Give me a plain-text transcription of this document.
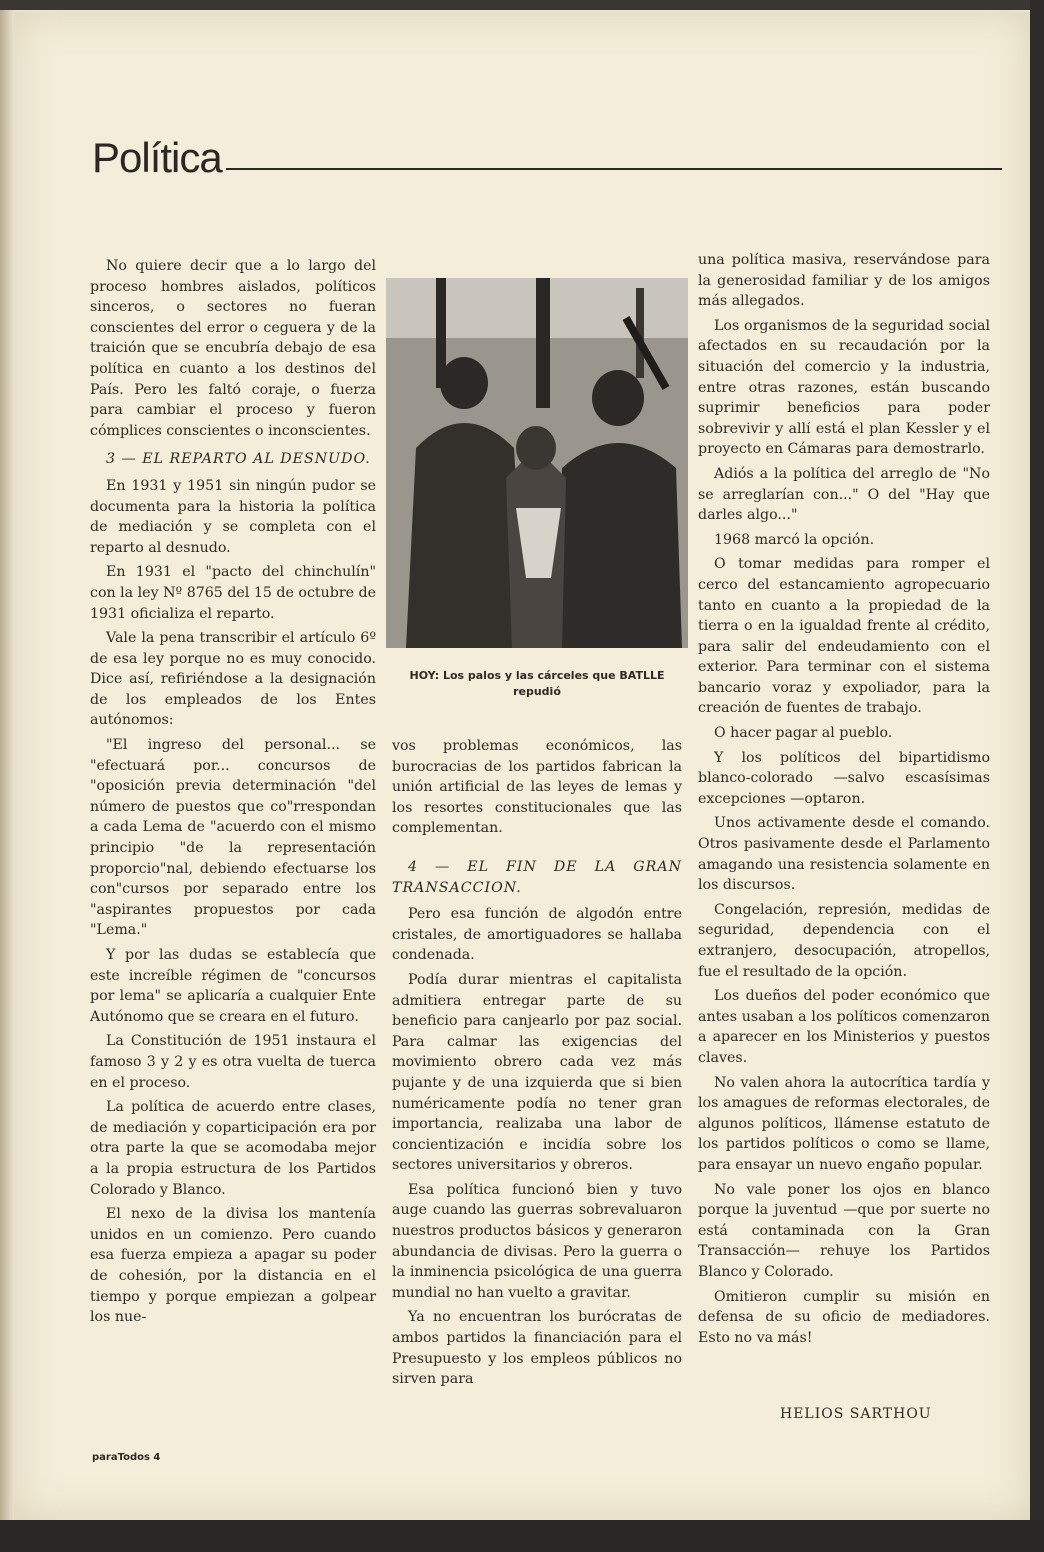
Política

No quiere decir que a lo largo del proceso hombres aislados, políticos sinceros, o sectores no fueran conscientes del error o ceguera y de la traición que se encubría debajo de esa política en cuanto a los destinos del País. Pero les faltó coraje, o fuerza para cambiar el proceso y fueron cómplices conscientes o inconscientes.

3 — EL REPARTO AL DESNUDO.

En 1931 y 1951 sin ningún pudor se documenta para la historia la política de mediación y se completa con el reparto al desnudo.

En 1931 el "pacto del chinchulín" con la ley Nº 8765 del 15 de octubre de 1931 oficializa el reparto.

Vale la pena transcribir el artículo 6º de esa ley porque no es muy conocido. Dice así, refiriéndose a la designación de los empleados de los Entes autónomos:

"El ingreso del personal... se "efectuará por... concursos de "oposición previa determinación "del número de puestos que co"rrespondan a cada Lema de "acuerdo con el mismo principio "de la representación proporcio"nal, debiendo efectuarse los con"cursos por separado entre los "aspirantes propuestos por cada "Lema."

Y por las dudas se establecía que este increíble régimen de "concursos por lema" se aplicaría a cualquier Ente Autónomo que se creara en el futuro.

La Constitución de 1951 instaura el famoso 3 y 2 y es otra vuelta de tuerca en el proceso.

La política de acuerdo entre clases, de mediación y coparticipación era por otra parte la que se acomodaba mejor a la propia estructura de los Partidos Colorado y Blanco.

El nexo de la divisa los mantenía unidos en un comienzo. Pero cuando esa fuerza empieza a apagar su poder de cohesión, por la distancia en el tiempo y porque empiezan a golpear los nue-

HOY: Los palos y las cárceles que BATLLE repudió

vos problemas económicos, las burocracias de los partidos fabrican la unión artificial de las leyes de lemas y los resortes constitucionales que las complementan.

4 — EL FIN DE LA GRAN TRANSACCION.

Pero esa función de algodón entre cristales, de amortiguadores se hallaba condenada.

Podía durar mientras el capitalista admitiera entregar parte de su beneficio para canjearlo por paz social. Para calmar las exigencias del movimiento obrero cada vez más pujante y de una izquierda que si bien numéricamente podía no tener gran importancia, realizaba una labor de concientización e incidía sobre los sectores universitarios y obreros.

Esa política funcionó bien y tuvo auge cuando las guerras sobrevaluaron nuestros productos básicos y generaron abundancia de divisas. Pero la guerra o la inminencia psicológica de una guerra mundial no han vuelto a gravitar.

Ya no encuentran los burócratas de ambos partidos la financiación para el Presupuesto y los empleos públicos no sirven para

una política masiva, reservándose para la generosidad familiar y de los amigos más allegados.

Los organismos de la seguridad social afectados en su recaudación por la situación del comercio y la industria, entre otras razones, están buscando suprimir beneficios para poder sobrevivir y allí está el plan Kessler y el proyecto en Cámaras para demostrarlo.

Adiós a la política del arreglo de "No se arreglarían con..." O del "Hay que darles algo..."

1968 marcó la opción.

O tomar medidas para romper el cerco del estancamiento agropecuario tanto en cuanto a la propiedad de la tierra o en la igualdad frente al crédito, para salir del endeudamiento con el exterior. Para terminar con el sistema bancario voraz y expoliador, para la creación de fuentes de trabajo.

O hacer pagar al pueblo.

Y los políticos del bipartidismo blanco-colorado —salvo escasísimas excepciones —optaron.

Unos activamente desde el comando. Otros pasivamente desde el Parlamento amagando una resistencia solamente en los discursos.

Congelación, represión, medidas de seguridad, dependencia con el extranjero, desocupación, atropellos, fue el resultado de la opción.

Los dueños del poder económico que antes usaban a los políticos comenzaron a aparecer en los Ministerios y puestos claves.

No valen ahora la autocrítica tardía y los amagues de reformas electorales, de algunos políticos, llámense estatuto de los partidos políticos o como se llame, para ensayar un nuevo engaño popular.

No vale poner los ojos en blanco porque la juventud —que por suerte no está contaminada con la Gran Transacción— rehuye los Partidos Blanco y Colorado.

Omitieron cumplir su misión en defensa de su oficio de mediadores. Esto no va más!

HELIOS SARTHOU
paraTodos 4
